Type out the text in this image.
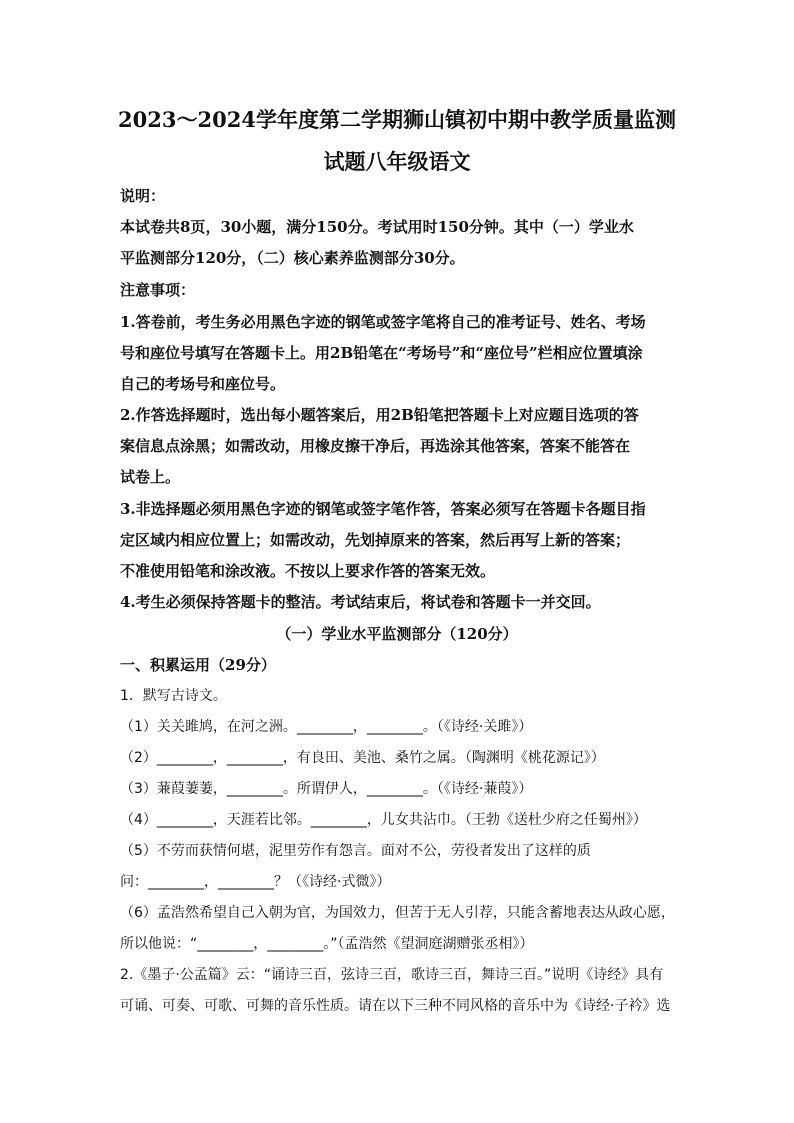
2023～2024学年度第二学期狮山镇初中期中教学质量监测
试题八年级语文
说明：
本试卷共8页，30小题，满分150分。考试用时150分钟。其中（一）学业水
平监测部分120分，（二）核心素养监测部分30分。
注意事项：
1.答卷前，考生务必用黑色字迹的钢笔或签字笔将自己的准考证号、姓名、考场
号和座位号填写在答题卡上。用2B铅笔在“考场号”和“座位号”栏相应位置填涂
自己的考场号和座位号。
2.作答选择题时，选出每小题答案后，用2B铅笔把答题卡上对应题目选项的答
案信息点涂黑；如需改动，用橡皮擦干净后，再选涂其他答案，答案不能答在
试卷上。
3.非选择题必须用黑色字迹的钢笔或签字笔作答，答案必须写在答题卡各题目指
定区域内相应位置上；如需改动，先划掉原来的答案，然后再写上新的答案；
不准使用铅笔和涂改液。不按以上要求作答的答案无效。
4.考生必须保持答题卡的整洁。考试结束后，将试卷和答题卡一并交回。
（一）学业水平监测部分（120分）
一、积累运用（29分）
1．默写古诗文。
（1）关关雎鸠，在河之洲。________，________。（《诗经·关雎》）
（2）________，________，有良田、美池、桑竹之属。（陶渊明《桃花源记》）
（3）蒹葭萋萋，________。所谓伊人，________。（《诗经·蒹葭》）
（4）________，天涯若比邻。________，儿女共沾巾。（王勃《送杜少府之任蜀州》）
（5）不劳而获情何堪，泥里劳作有怨言。面对不公，劳役者发出了这样的质
问：________，________？（《诗经·式微》）
（6）孟浩然希望自己入朝为官，为国效力，但苦于无人引荐，只能含蓄地表达从政心愿，
所以他说：“________，________。”（孟浩然《望洞庭湖赠张丞相》）
2.《墨子·公孟篇》云：“诵诗三百，弦诗三百，歌诗三百，舞诗三百。”说明《诗经》具有
可诵、可奏、可歌、可舞的音乐性质。请在以下三种不同风格的音乐中为《诗经·子衿》选
